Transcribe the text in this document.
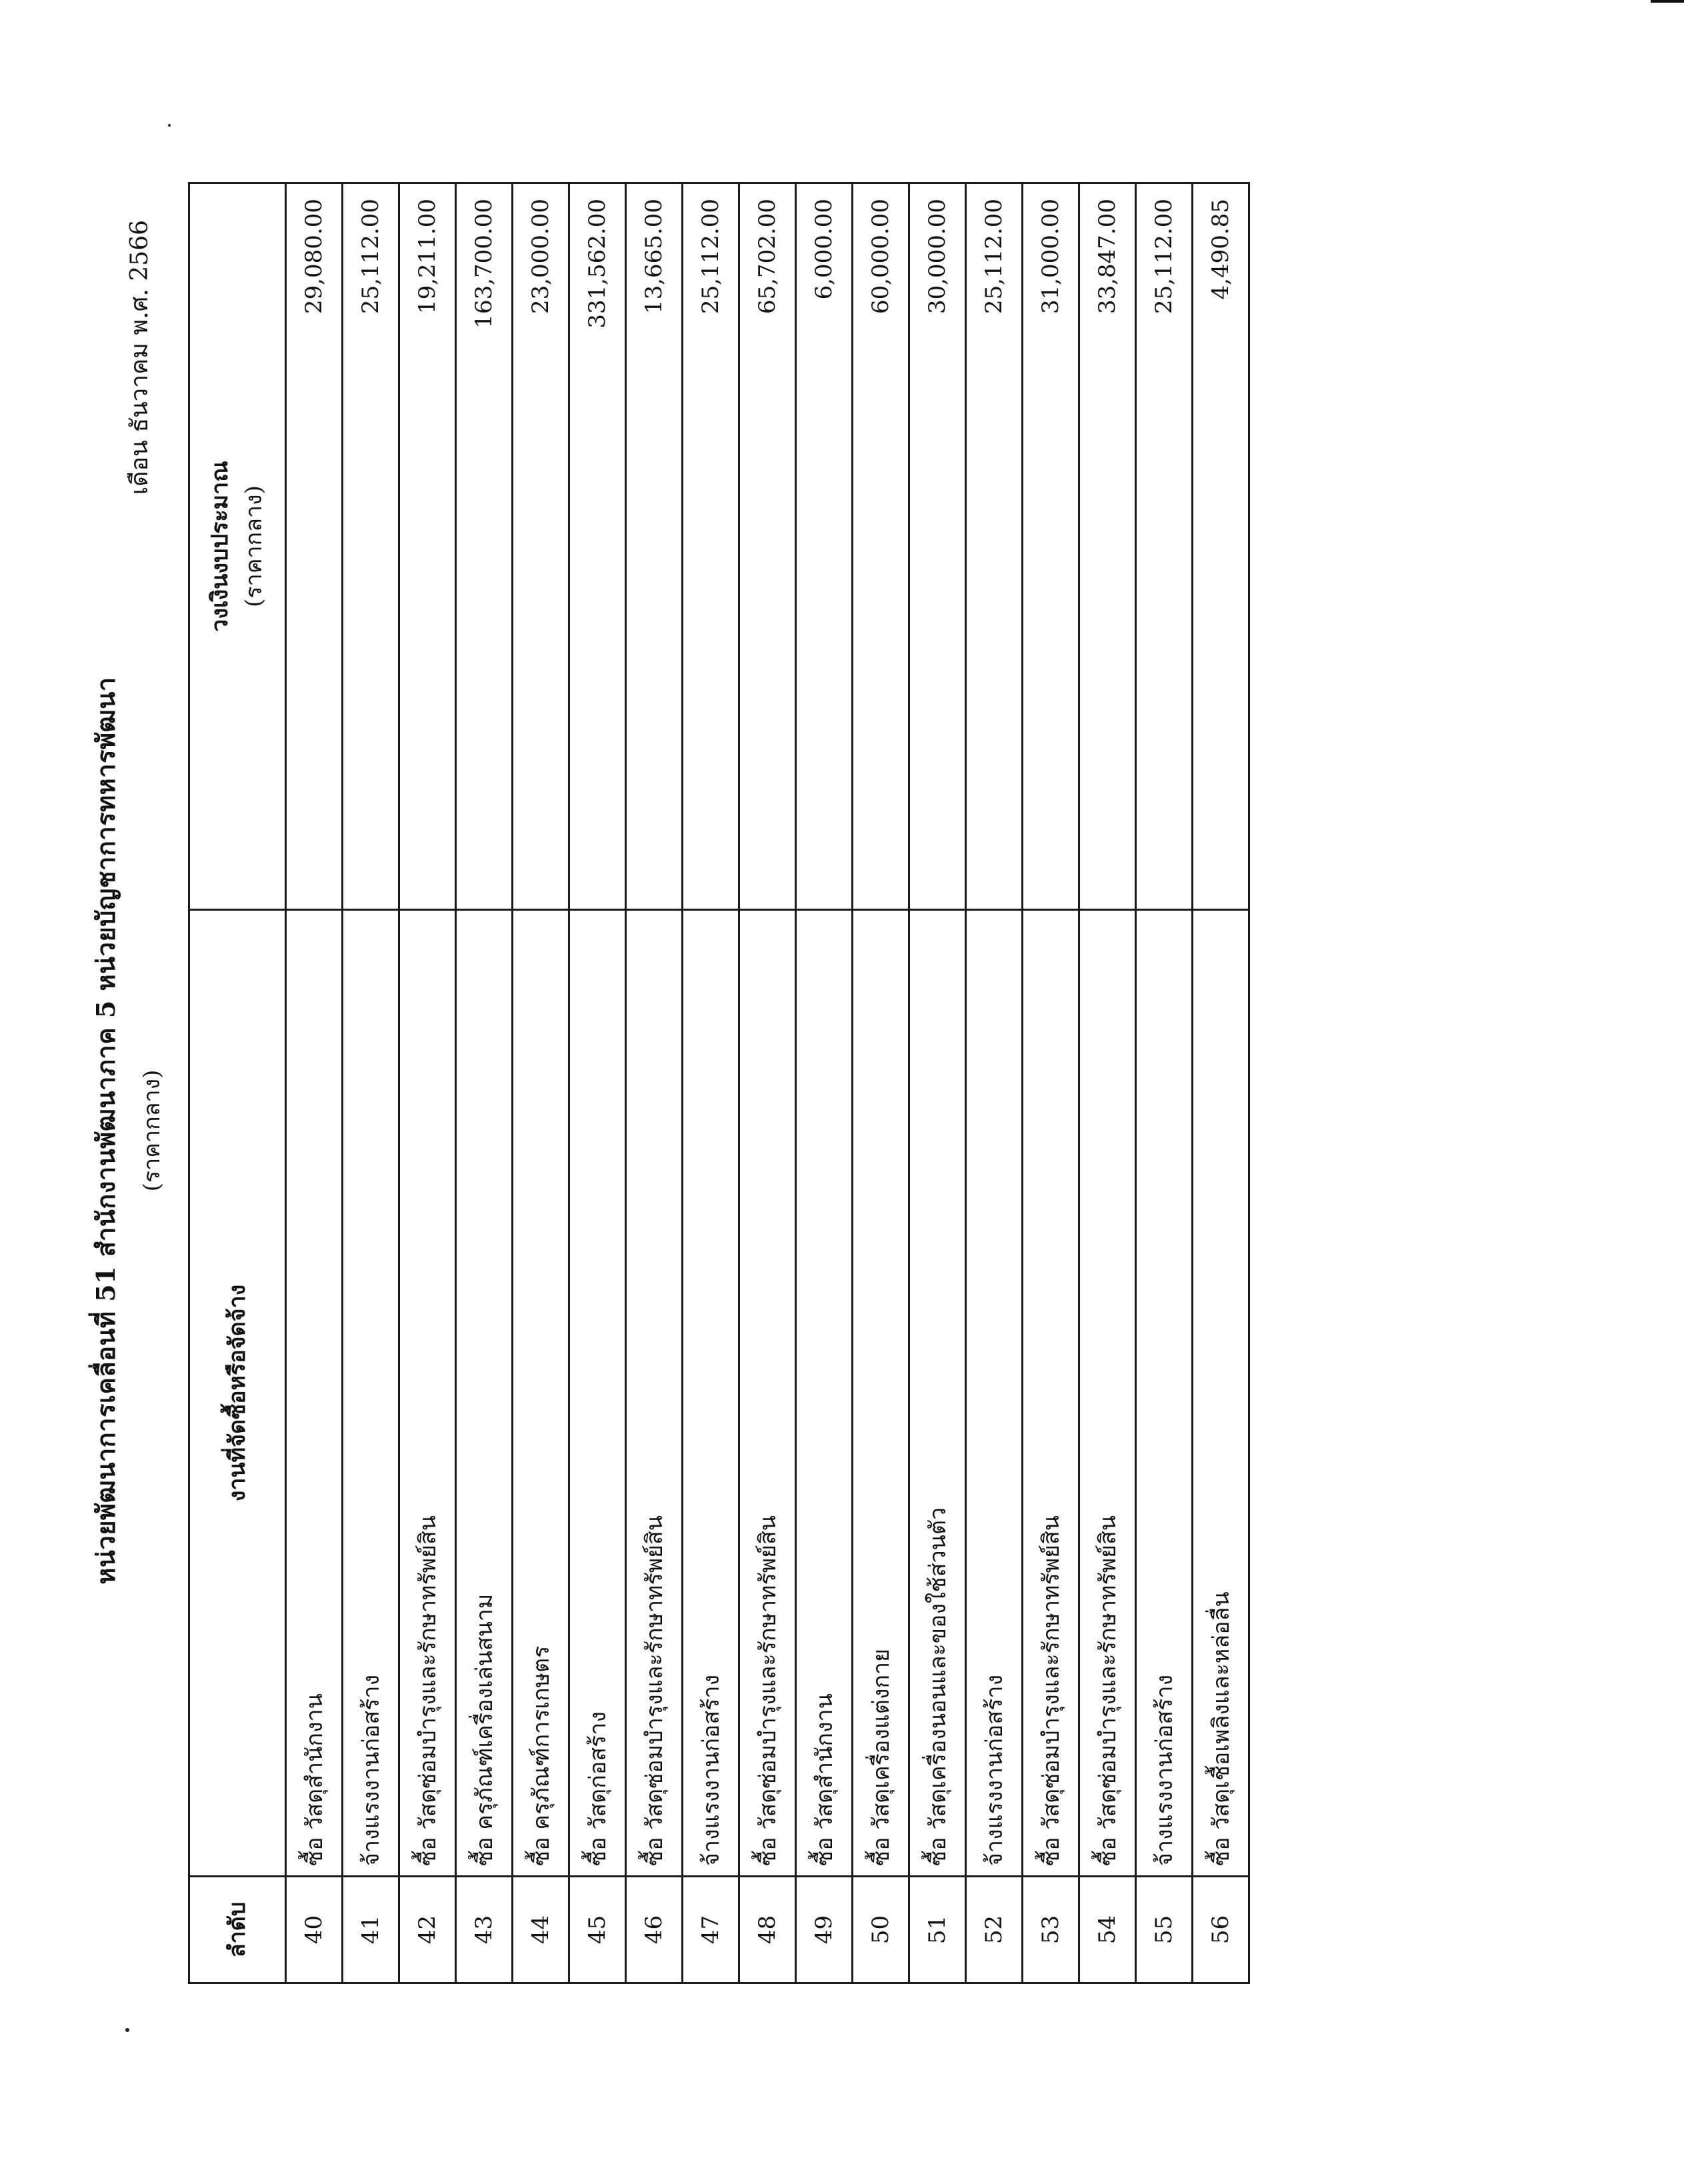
หน่วยพัฒนาการเคลื่อนที่ 51 สำนักงานพัฒนาภาค 5 หน่วยบัญชาการทหารพัฒนา (ราคากลาง)
เดือน ธันวาคม พ.ศ. 2566
ลำดับ	งานที่จัดซื้อหรือจัดจ้าง	วงเงินงบประมาณ (ราคากลาง)

40	ซื้อ วัสดุสำนักงาน	29,080.00
41	จ้างแรงงานก่อสร้าง	25,112.00
42	ซื้อ วัสดุซ่อมบำรุงและรักษาทรัพย์สิน	19,211.00
43	ซื้อ ครุภัณฑ์เครื่องเล่นสนาม	163,700.00
44	ซื้อ ครุภัณฑ์การเกษตร	23,000.00
45	ซื้อ วัสดุก่อสร้าง	331,562.00
46	ซื้อ วัสดุซ่อมบำรุงและรักษาทรัพย์สิน	13,665.00
47	จ้างแรงงานก่อสร้าง	25,112.00
48	ซื้อ วัสดุซ่อมบำรุงและรักษาทรัพย์สิน	65,702.00
49	ซื้อ วัสดุสำนักงาน	6,000.00
50	ซื้อ วัสดุเครื่องแต่งกาย	60,000.00
51	ซื้อ วัสดุเครื่องนอนและของใช้ส่วนตัว	30,000.00
52	จ้างแรงงานก่อสร้าง	25,112.00
53	ซื้อ วัสดุซ่อมบำรุงและรักษาทรัพย์สิน	31,000.00
54	ซื้อ วัสดุซ่อมบำรุงและรักษาทรัพย์สิน	33,847.00
55	จ้างแรงงานก่อสร้าง	25,112.00
56	ซื้อ วัสดุเชื้อเพลิงและหล่อลื่น	4,490.85
